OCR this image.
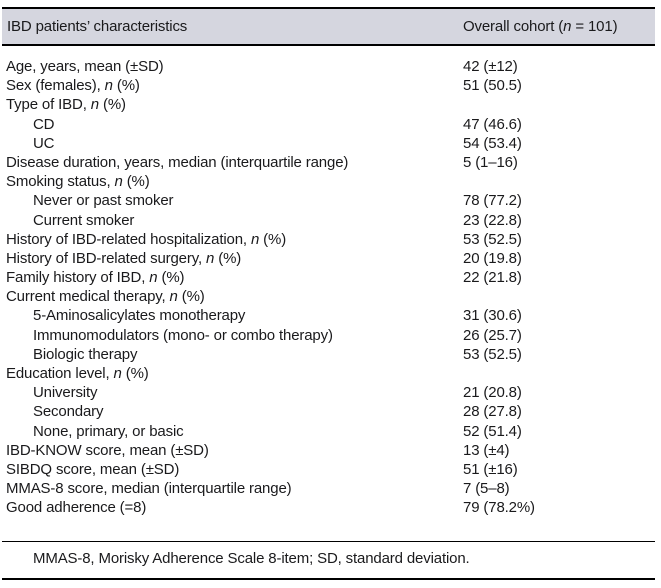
IBD patients’ characteristics	Overall cohort (n = 101)
Age, years, mean (±SD)	42 (±12)
Sex (females), n (%)	51 (50.5)
Type of IBD, n (%)
CD	47 (46.6)
UC	54 (53.4)
Disease duration, years, median (interquartile range)	5 (1–16)
Smoking status, n (%)
Never or past smoker	78 (77.2)
Current smoker	23 (22.8)
History of IBD-related hospitalization, n (%)	53 (52.5)
History of IBD-related surgery, n (%)	20 (19.8)
Family history of IBD, n (%)	22 (21.8)
Current medical therapy, n (%)
5-Aminosalicylates monotherapy	31 (30.6)
Immunomodulators (mono- or combo therapy)	26 (25.7)
Biologic therapy	53 (52.5)
Education level, n (%)
University	21 (20.8)
Secondary	28 (27.8)
None, primary, or basic	52 (51.4)
IBD-KNOW score, mean (±SD)	13 (±4)
SIBDQ score, mean (±SD)	51 (±16)
MMAS-8 score, median (interquartile range)	7 (5–8)
Good adherence (=8)	79 (78.2%)
MMAS-8, Morisky Adherence Scale 8-item; SD, standard deviation.
